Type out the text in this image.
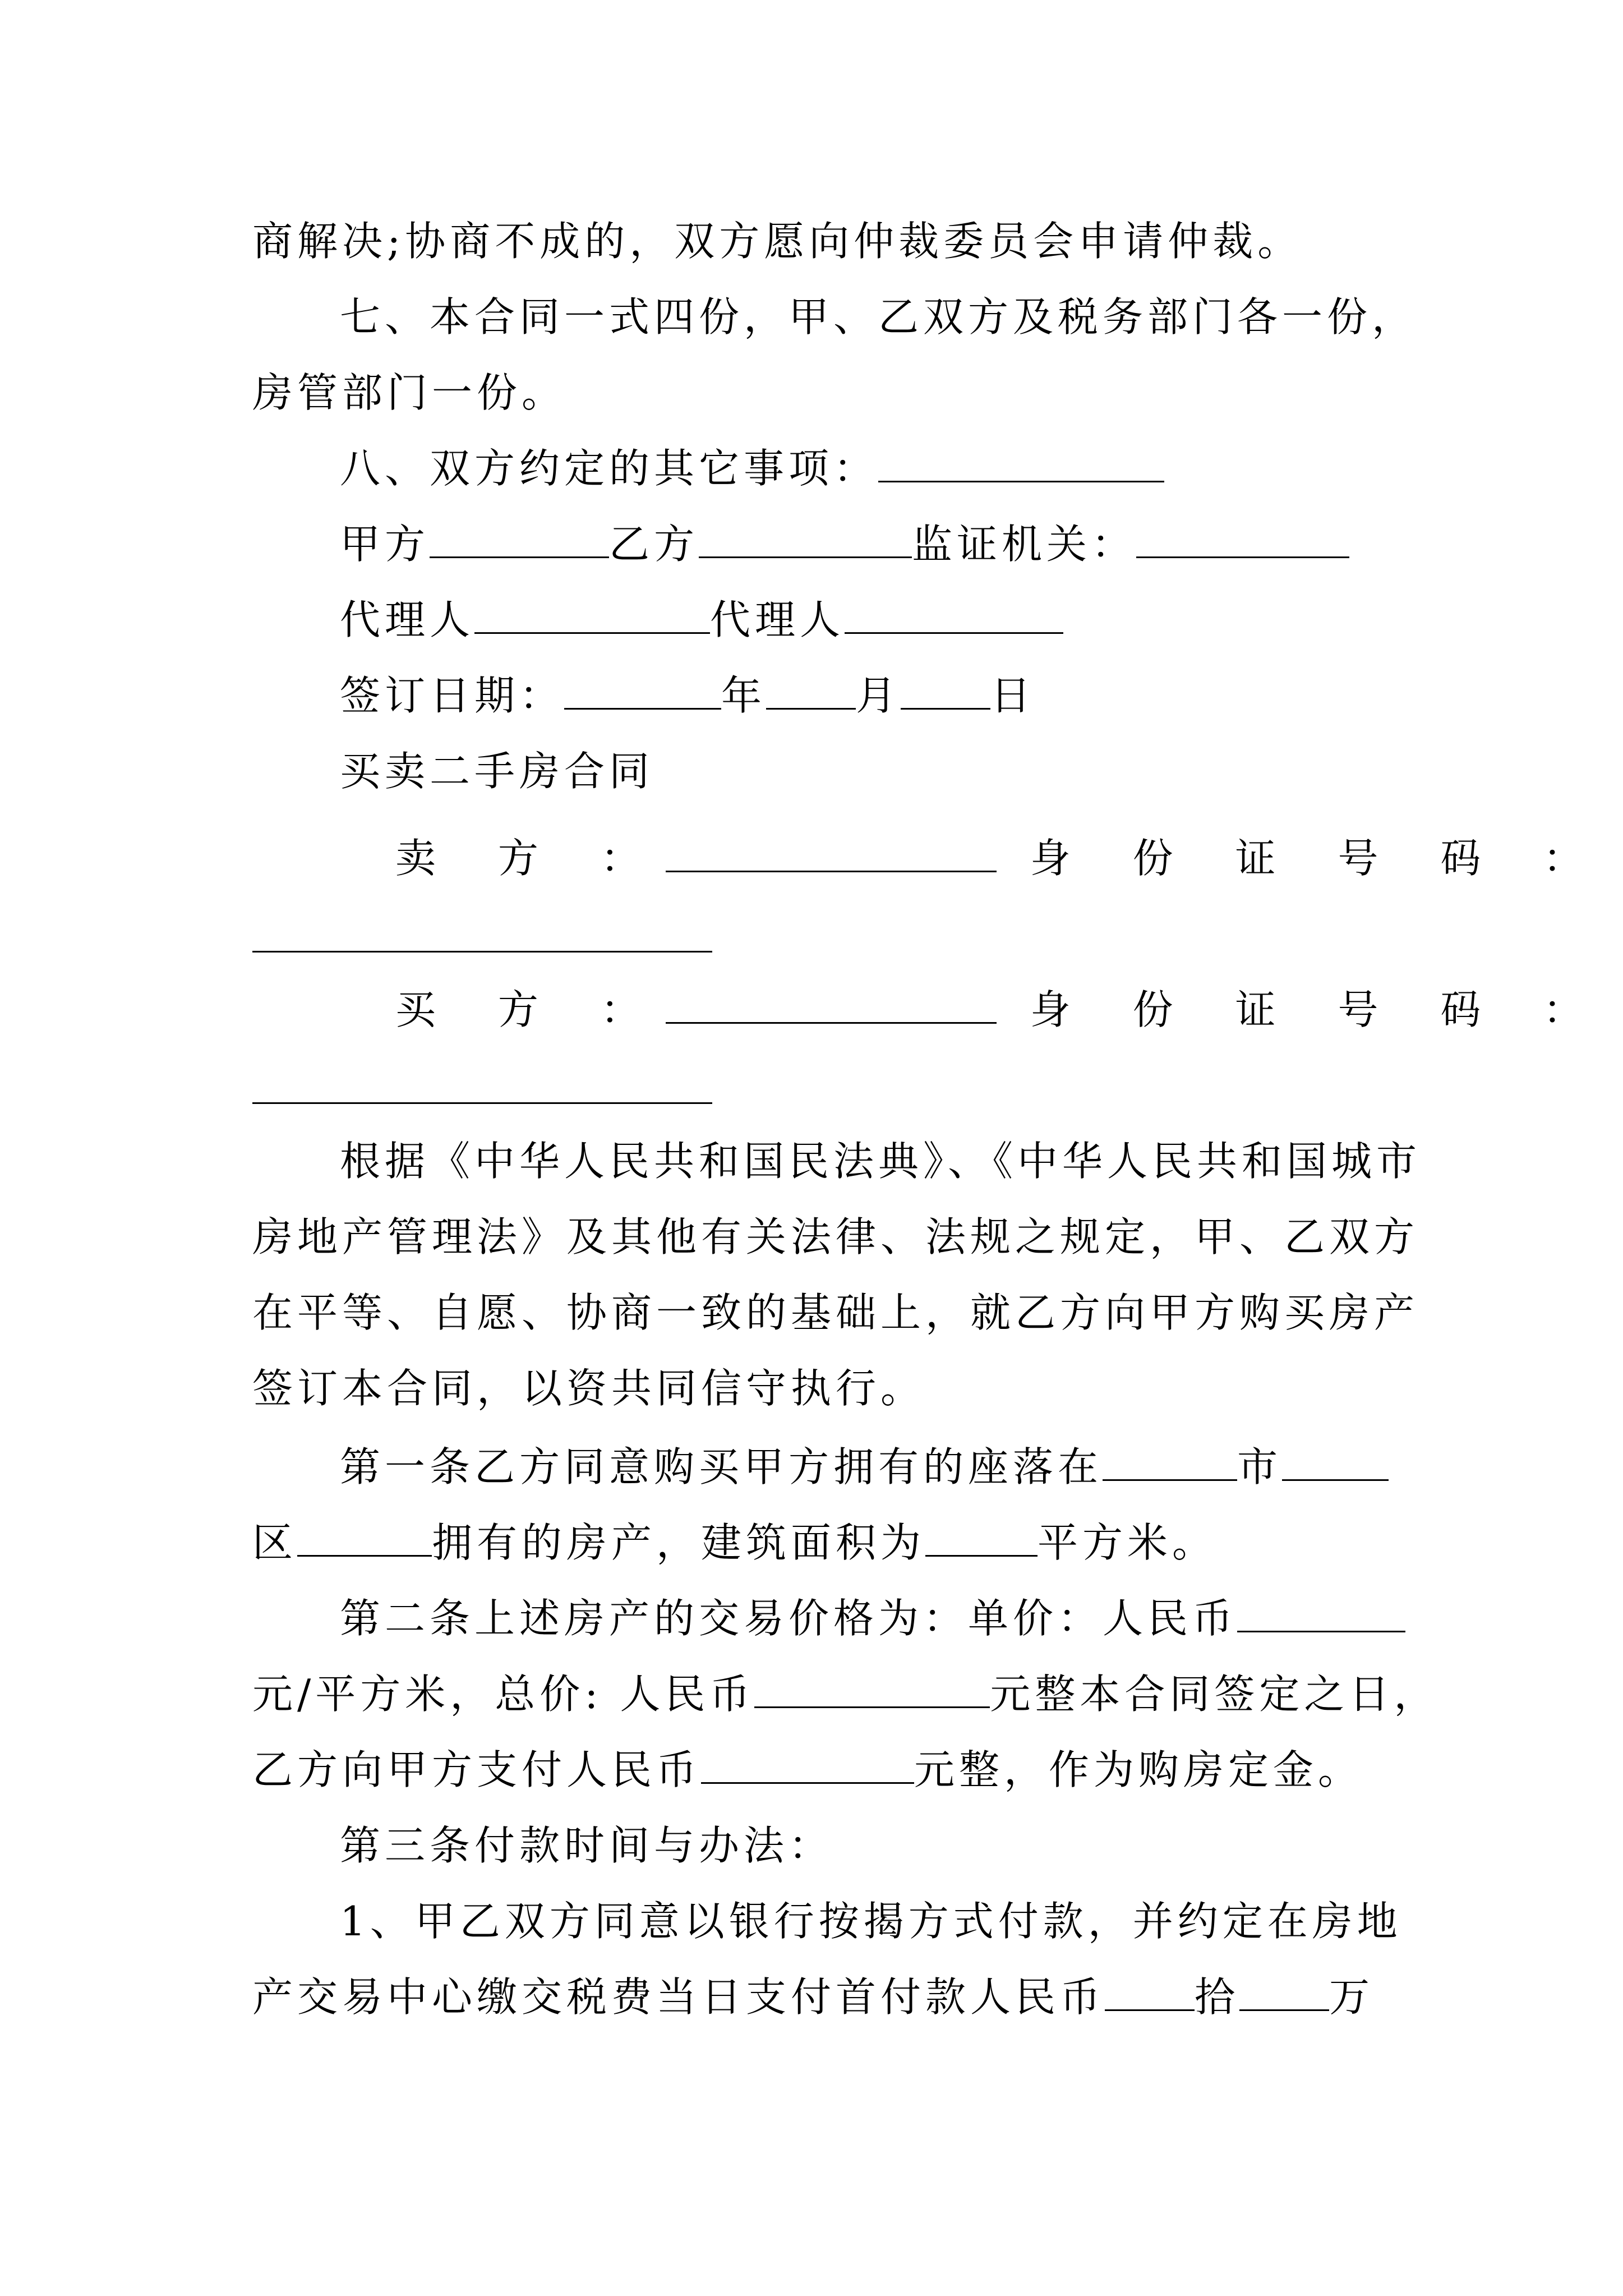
商解决;协商不成的，双方愿向仲裁委员会申请仲裁。
七、本合同一式四份，甲、乙双方及税务部门各一份，
房管部门一份。
八、双方约定的其它事项：
甲方	乙方	监证机关：
代理人	代理人
签订日期：	年 月 日
买卖二手房合同
卖 方 ：	身 份 证 号 码 ：
买 方 ：	身 份 证 号 码 ：
根据《中华人民共和国民法典》、《中华人民共和国城市
房地产管理法》及其他有关法律、法规之规定，甲、乙双方
在平等、自愿、协商一致的基础上，就乙方向甲方购买房产
签订本合同，以资共同信守执行。
第一条乙方同意购买甲方拥有的座落在	市
区	拥有的房产，建筑面积为	平方米。
第二条上述房产的交易价格为：单价：人民币
元/平方米，总价: 人民币	元整本合同签定之日，
乙方向甲方支付人民币	元整，作为购房定金。
第三条付款时间与办法：
1、甲乙双方同意以银行按揭方式付款，并约定在房地
产交易中心缴交税费当日支付首付款人民币 拾 万
